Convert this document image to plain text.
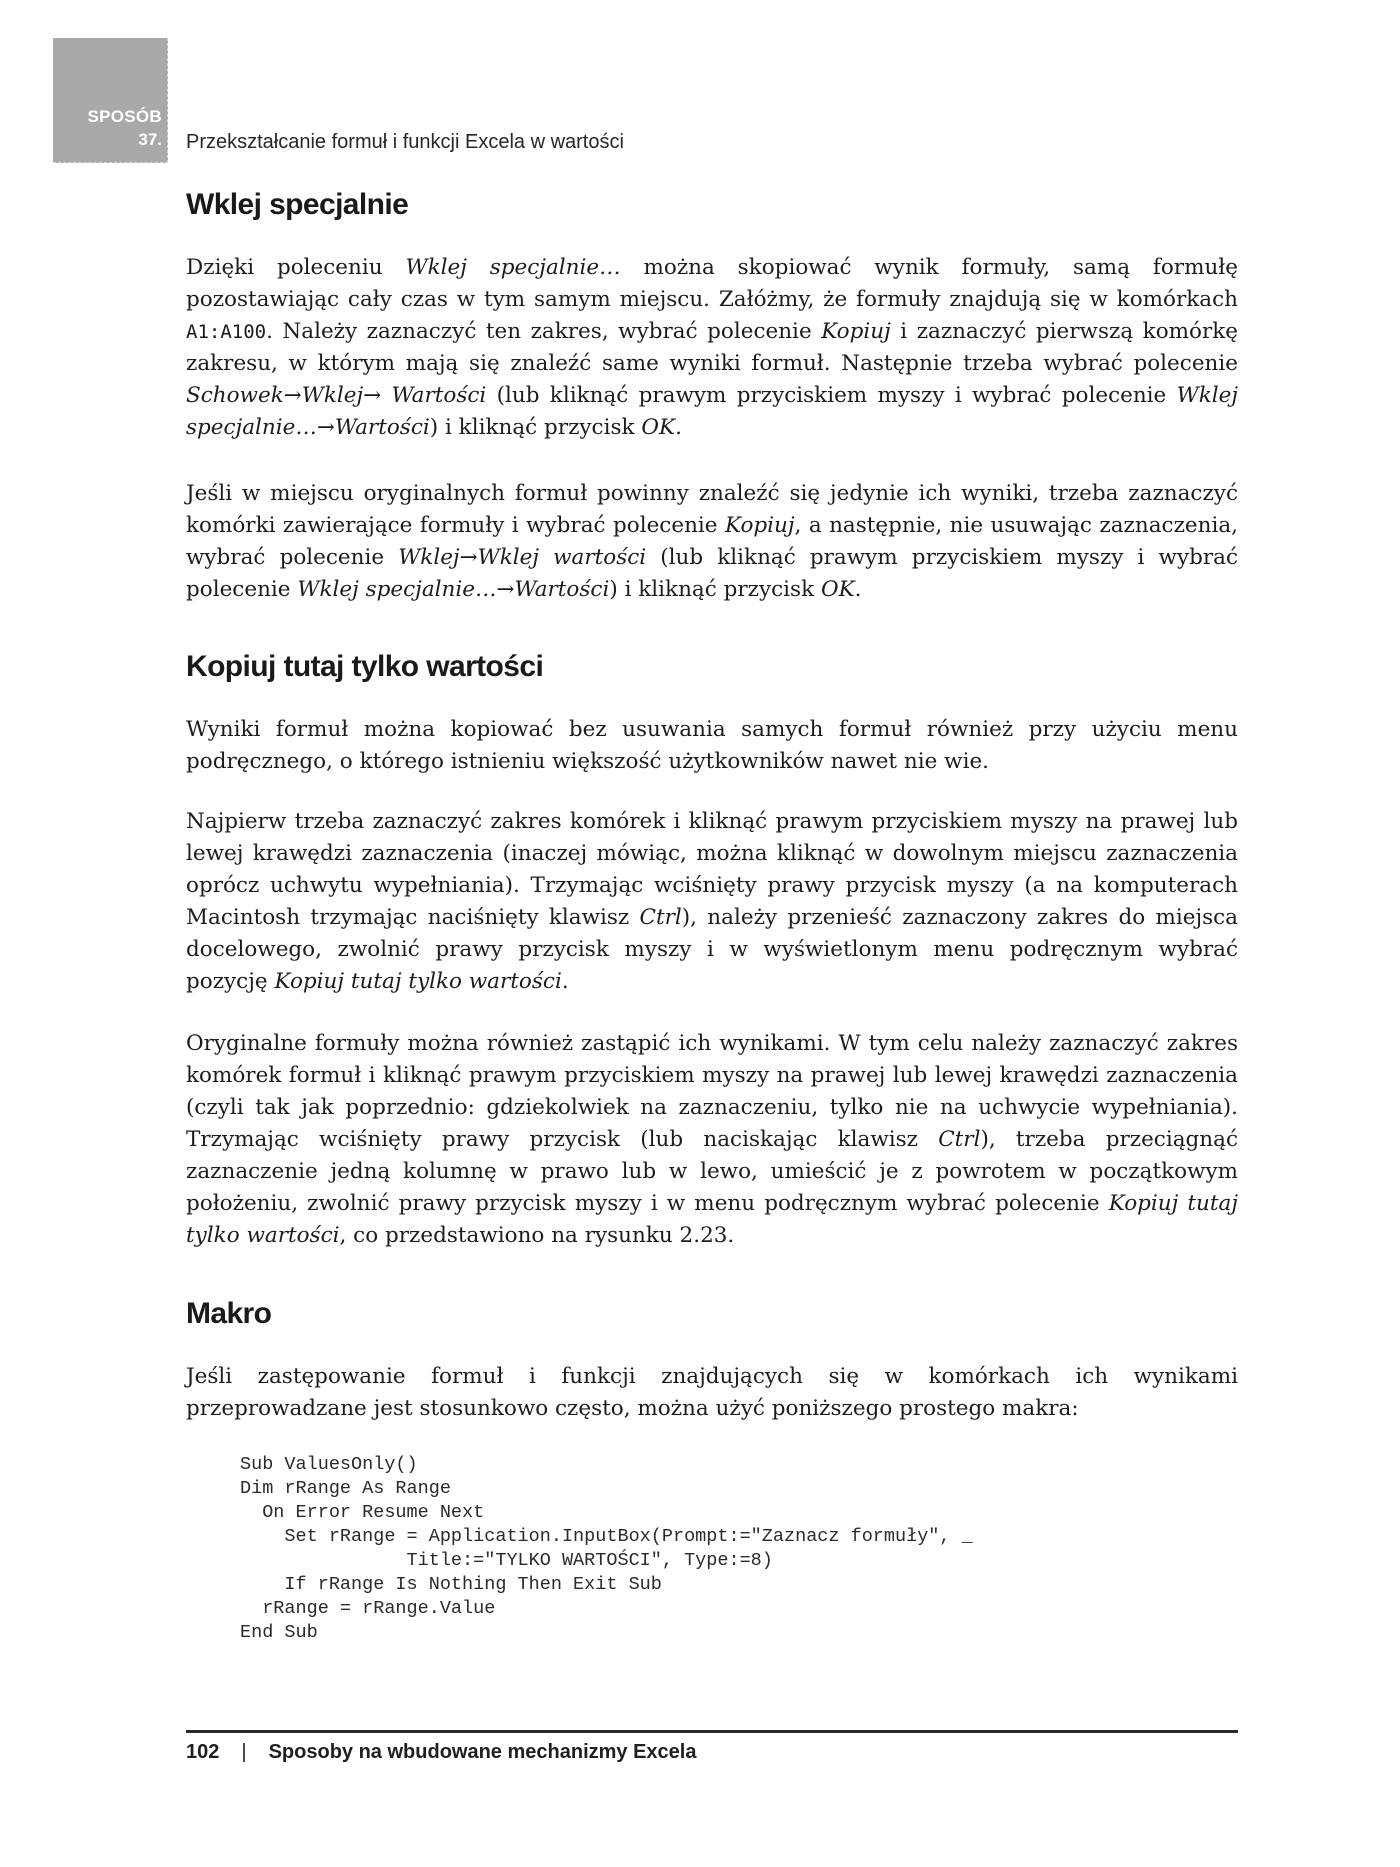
SPOSÓB
37. Przekształcanie formuł i funkcji Excela w wartości
Wklej specjalnie

Dzięki poleceniu Wklej specjalnie… można skopiować wynik formuły, samą formułę pozostawiając cały czas w tym samym miejscu. Załóżmy, że formuły znajdują się w komórkach A1:A100. Należy zaznaczyć ten zakres, wybrać polecenie Kopiuj i zaznaczyć pierwszą komórkę zakresu, w którym mają się znaleźć same wyniki formuł. Następnie trzeba wybrać polecenie Schowek→Wklej→ Wartości (lub kliknąć prawym przyciskiem myszy i wybrać polecenie Wklej specjalnie…→Wartości) i kliknąć przycisk OK.

Jeśli w miejscu oryginalnych formuł powinny znaleźć się jedynie ich wyniki, trzeba zaznaczyć komórki zawierające formuły i wybrać polecenie Kopiuj, a następnie, nie usuwając zaznaczenia, wybrać polecenie Wklej→Wklej wartości (lub kliknąć prawym przyciskiem myszy i wybrać polecenie Wklej specjalnie…→Wartości) i kliknąć przycisk OK.

Kopiuj tutaj tylko wartości

Wyniki formuł można kopiować bez usuwania samych formuł również przy użyciu menu podręcznego, o którego istnieniu większość użytkowników nawet nie wie.

Najpierw trzeba zaznaczyć zakres komórek i kliknąć prawym przyciskiem myszy na prawej lub lewej krawędzi zaznaczenia (inaczej mówiąc, można kliknąć w dowolnym miejscu zaznaczenia oprócz uchwytu wypełniania). Trzymając wciśnięty prawy przycisk myszy (a na komputerach Macintosh trzymając naciśnięty klawisz Ctrl), należy przenieść zaznaczony zakres do miejsca docelowego, zwolnić prawy przycisk myszy i w wyświetlonym menu podręcznym wybrać pozycję Kopiuj tutaj tylko wartości.

Oryginalne formuły można również zastąpić ich wynikami. W tym celu należy zaznaczyć zakres komórek formuł i kliknąć prawym przyciskiem myszy na prawej lub lewej krawędzi zaznaczenia (czyli tak jak poprzednio: gdziekolwiek na zaznaczeniu, tylko nie na uchwycie wypełniania). Trzymając wciśnięty prawy przycisk (lub naciskając klawisz Ctrl), trzeba przeciągnąć zaznaczenie jedną kolumnę w prawo lub w lewo, umieścić je z powrotem w początkowym położeniu, zwolnić prawy przycisk myszy i w menu podręcznym wybrać polecenie Kopiuj tutaj tylko wartości, co przedstawiono na rysunku 2.23.

Makro

Jeśli zastępowanie formuł i funkcji znajdujących się w komórkach ich wynikami przeprowadzane jest stosunkowo często, można użyć poniższego prostego makra:

Sub ValuesOnly()
Dim rRange As Range
On Error Resume Next
Set rRange = Application.InputBox(Prompt:="Zaznacz formuły", _
Title:="TYLKO WARTOŚCI", Type:=8)
If rRange Is Nothing Then Exit Sub
rRange = rRange.Value
End Sub
102 | Sposoby na wbudowane mechanizmy Excela
